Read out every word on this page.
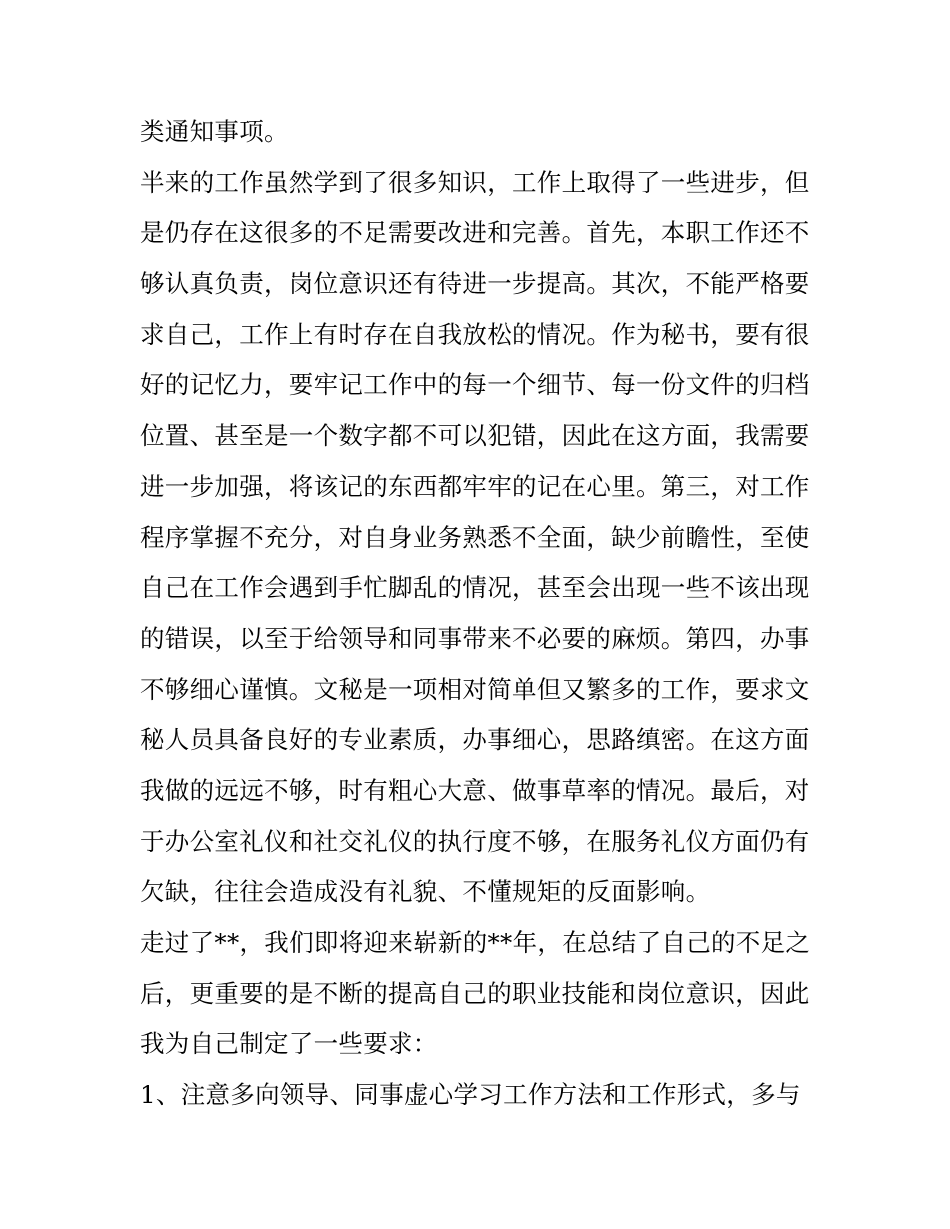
类通知事项。
半来的工作虽然学到了很多知识，工作上取得了一些进步，但
是仍存在这很多的不足需要改进和完善。首先，本职工作还不
够认真负责，岗位意识还有待进一步提高。其次，不能严格要
求自己，工作上有时存在自我放松的情况。作为秘书，要有很
好的记忆力，要牢记工作中的每一个细节、每一份文件的归档
位置、甚至是一个数字都不可以犯错，因此在这方面，我需要
进一步加强，将该记的东西都牢牢的记在心里。第三，对工作
程序掌握不充分，对自身业务熟悉不全面，缺少前瞻性，至使
自己在工作会遇到手忙脚乱的情况，甚至会出现一些不该出现
的错误，以至于给领导和同事带来不必要的麻烦。第四，办事
不够细心谨慎。文秘是一项相对简单但又繁多的工作，要求文
秘人员具备良好的专业素质，办事细心，思路缜密。在这方面
我做的远远不够，时有粗心大意、做事草率的情况。最后，对
于办公室礼仪和社交礼仪的执行度不够，在服务礼仪方面仍有
欠缺，往往会造成没有礼貌、不懂规矩的反面影响。
走过了**，我们即将迎来崭新的**年，在总结了自己的不足之
后，更重要的是不断的提高自己的职业技能和岗位意识，因此
我为自己制定了一些要求：
1、注意多向领导、同事虚心学习工作方法和工作形式，多与
